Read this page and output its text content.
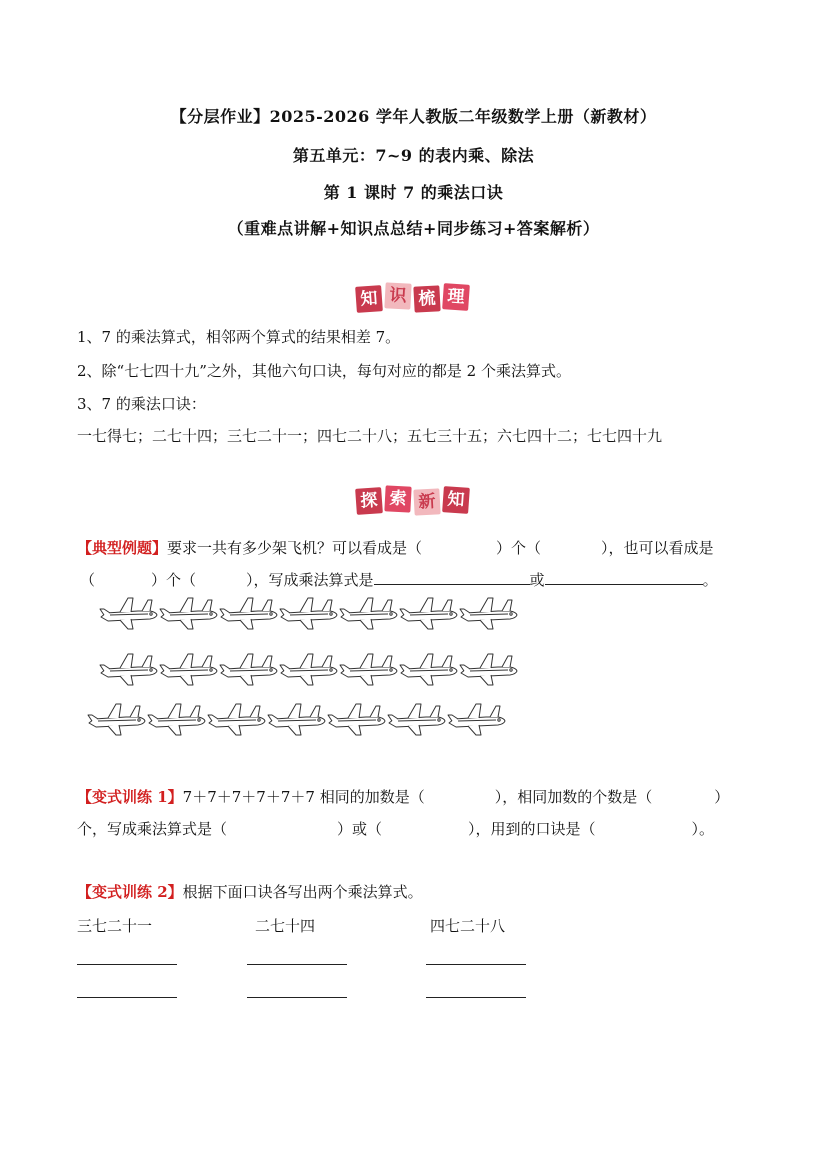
【分层作业】2025-2026 学年人教版二年级数学上册（新教材）
第五单元：7~9 的表内乘、除法
第 1 课时 7 的乘法口诀
（重难点讲解+知识点总结+同步练习+答案解析）
知 识 梳 理
1、7 的乘法算式，相邻两个算式的结果相差 7。
2、除“七七四十九”之外，其他六句口诀，每句对应的都是 2 个乘法算式。
3、7 的乘法口诀：
一七得七；二七十四；三七二十一；四七二十八；五七三十五；六七四十二；七七四十九
探 索 新 知
【典型例题】要求一共有多少架飞机？可以看成是（	）个（	），也可以看成是
（	）个（	），写成乘法算式是	或	。
【变式训练 1】7＋7＋7＋7＋7＋7 相同的加数是（	），相同加数的个数是（	）
个，写成乘法算式是（	）或（	），用到的口诀是（	）。
【变式训练 2】根据下面口诀各写出两个乘法算式。
三七二十一	二七十四	四七二十八
